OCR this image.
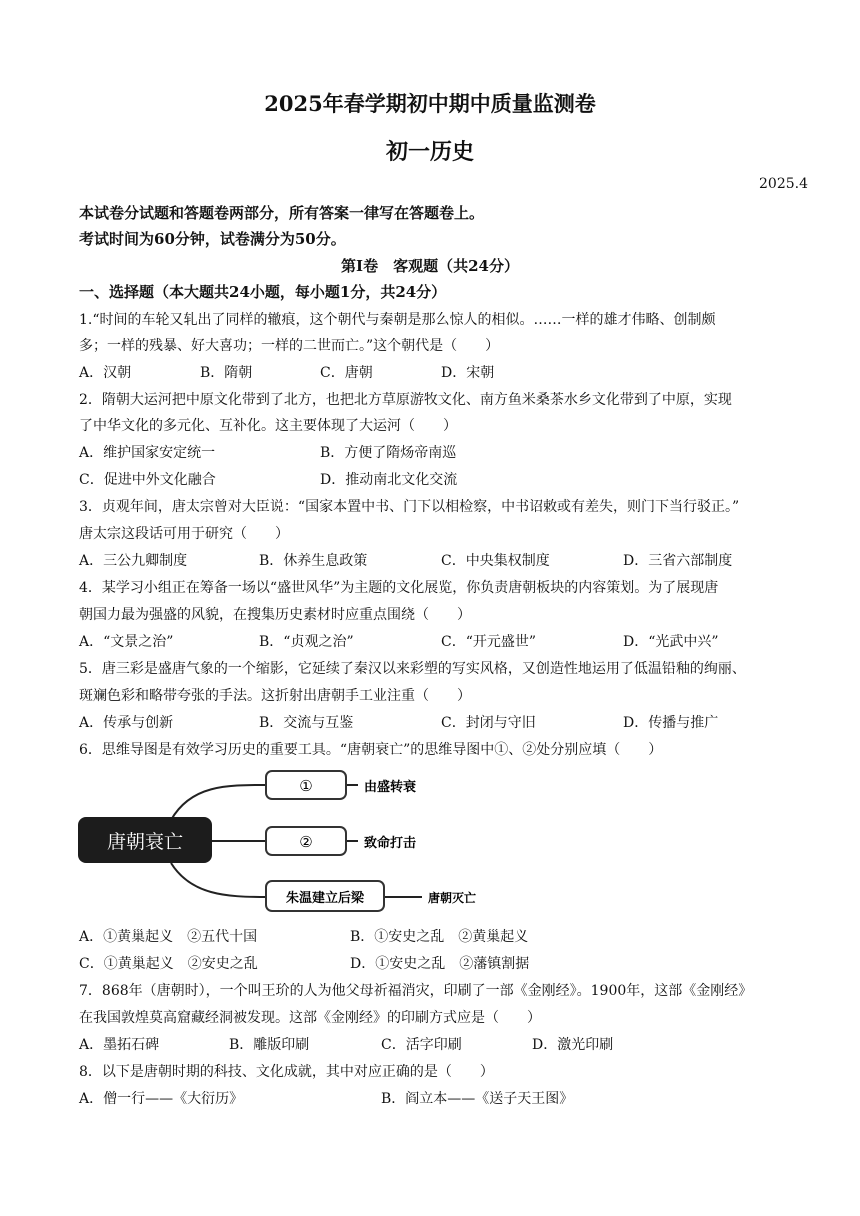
2025年春学期初中期中质量监测卷
初一历史
2025.4
本试卷分试题和答题卷两部分，所有答案一律写在答题卷上。
考试时间为60分钟，试卷满分为50分。
第Ⅰ卷　客观题（共24分）
一、选择题（本大题共24小题，每小题1分，共24分）
1.“时间的车轮又轧出了同样的辙痕，这个朝代与秦朝是那么惊人的相似。……一样的雄才伟略、创制颇
多；一样的残暴、好大喜功；一样的二世而亡。”这个朝代是（　　）
A．汉朝	B．隋朝	C．唐朝	D．宋朝
2．隋朝大运河把中原文化带到了北方，也把北方草原游牧文化、南方鱼米桑茶水乡文化带到了中原，实现
了中华文化的多元化、互补化。这主要体现了大运河（　　）
A．维护国家安定统一	B．方便了隋炀帝南巡
C．促进中外文化融合	D．推动南北文化交流
3．贞观年间，唐太宗曾对大臣说：“国家本置中书、门下以相检察，中书诏敕或有差失，则门下当行驳正。”
唐太宗这段话可用于研究（　　）
A．三公九卿制度	B．休养生息政策	C．中央集权制度	D．三省六部制度
4．某学习小组正在筹备一场以“盛世风华”为主题的文化展览，你负责唐朝板块的内容策划。为了展现唐
朝国力最为强盛的风貌，在搜集历史素材时应重点围绕（　　）
A．“文景之治”	B．“贞观之治”	C．“开元盛世”	D．“光武中兴”
5．唐三彩是盛唐气象的一个缩影，它延续了秦汉以来彩塑的写实风格，又创造性地运用了低温铅釉的绚丽、
斑斓色彩和略带夸张的手法。这折射出唐朝手工业注重（　　）
A．传承与创新	B．交流与互鉴	C．封闭与守旧	D．传播与推广
6．思维导图是有效学习历史的重要工具。“唐朝衰亡”的思维导图中①、②处分别应填（　　）
唐朝衰亡
①	由盛转衰
②	致命打击
朱温建立后梁	唐朝灭亡
A．①黄巢起义　②五代十国	B．①安史之乱　②黄巢起义
C．①黄巢起义　②安史之乱	D．①安史之乱　②藩镇割据
7．868年（唐朝时），一个叫王玠的人为他父母祈福消灾，印刷了一部《金刚经》。1900年，这部《金刚经》
在我国敦煌莫高窟藏经洞被发现。这部《金刚经》的印刷方式应是（　　）
A．墨拓石碑	B．雕版印刷	C．活字印刷	D．激光印刷
8．以下是唐朝时期的科技、文化成就，其中对应正确的是（　　）
A．僧一行——《大衍历》	B．阎立本——《送子天王图》
